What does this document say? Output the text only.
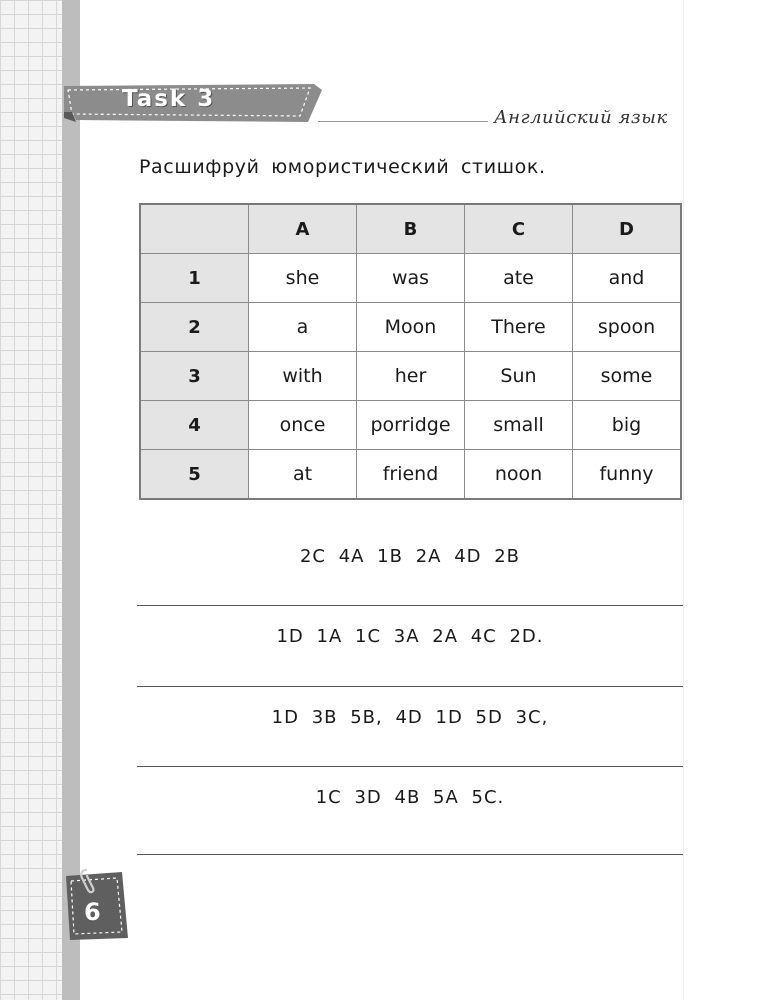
Task 3
Английский язык
Расшифруй юмористический стишок.
	A	B	C	D
1	she	was	ate	and
2	a	Moon	There	spoon
3	with	her	Sun	some
4	once	porridge	small	big
5	at	friend	noon	funny
2C 4A 1B 2A 4D 2B
1D 1A 1C 3A 2A 4C 2D.
1D 3B 5B, 4D 1D 5D 3C,
1C 3D 4B 5A 5C.
6
